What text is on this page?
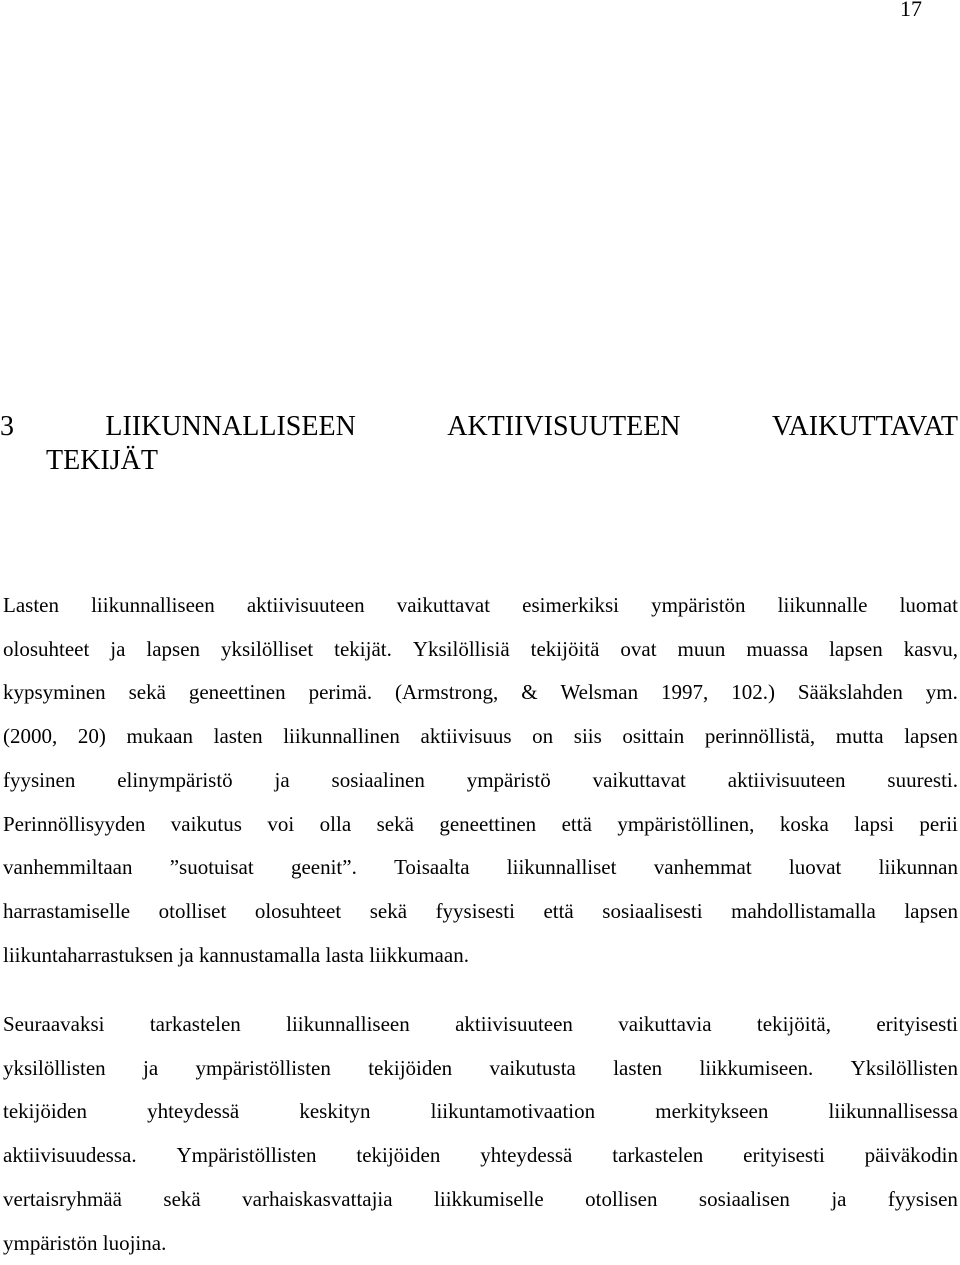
17
3	LIIKUNNALLISEEN	AKTIIVISUUTEEN	VAIKUTTAVAT
TEKIJÄT
Lasten liikunnalliseen aktiivisuuteen vaikuttavat esimerkiksi ympäristön liikunnalle luomat
olosuhteet ja lapsen yksilölliset tekijät. Yksilöllisiä tekijöitä ovat muun muassa lapsen kasvu,
kypsyminen sekä geneettinen perimä. (Armstrong, & Welsman 1997, 102.) Sääkslahden ym.
(2000, 20) mukaan lasten liikunnallinen aktiivisuus on siis osittain perinnöllistä, mutta lapsen
fyysinen elinympäristö ja sosiaalinen ympäristö vaikuttavat aktiivisuuteen suuresti.
Perinnöllisyyden vaikutus voi olla sekä geneettinen että ympäristöllinen, koska lapsi perii
vanhemmiltaan ”suotuisat geenit”. Toisaalta liikunnalliset vanhemmat luovat liikunnan
harrastamiselle otolliset olosuhteet sekä fyysisesti että sosiaalisesti mahdollistamalla lapsen
liikuntaharrastuksen ja kannustamalla lasta liikkumaan.
Seuraavaksi tarkastelen liikunnalliseen aktiivisuuteen vaikuttavia tekijöitä, erityisesti
yksilöllisten ja ympäristöllisten tekijöiden vaikutusta lasten liikkumiseen. Yksilöllisten
tekijöiden	yhteydessä	keskityn	liikuntamotivaation	merkitykseen	liikunnallisessa
aktiivisuudessa. Ympäristöllisten tekijöiden yhteydessä tarkastelen erityisesti päiväkodin
vertaisryhmää sekä varhaiskasvattajia liikkumiselle otollisen sosiaalisen ja fyysisen
ympäristön luojina.
